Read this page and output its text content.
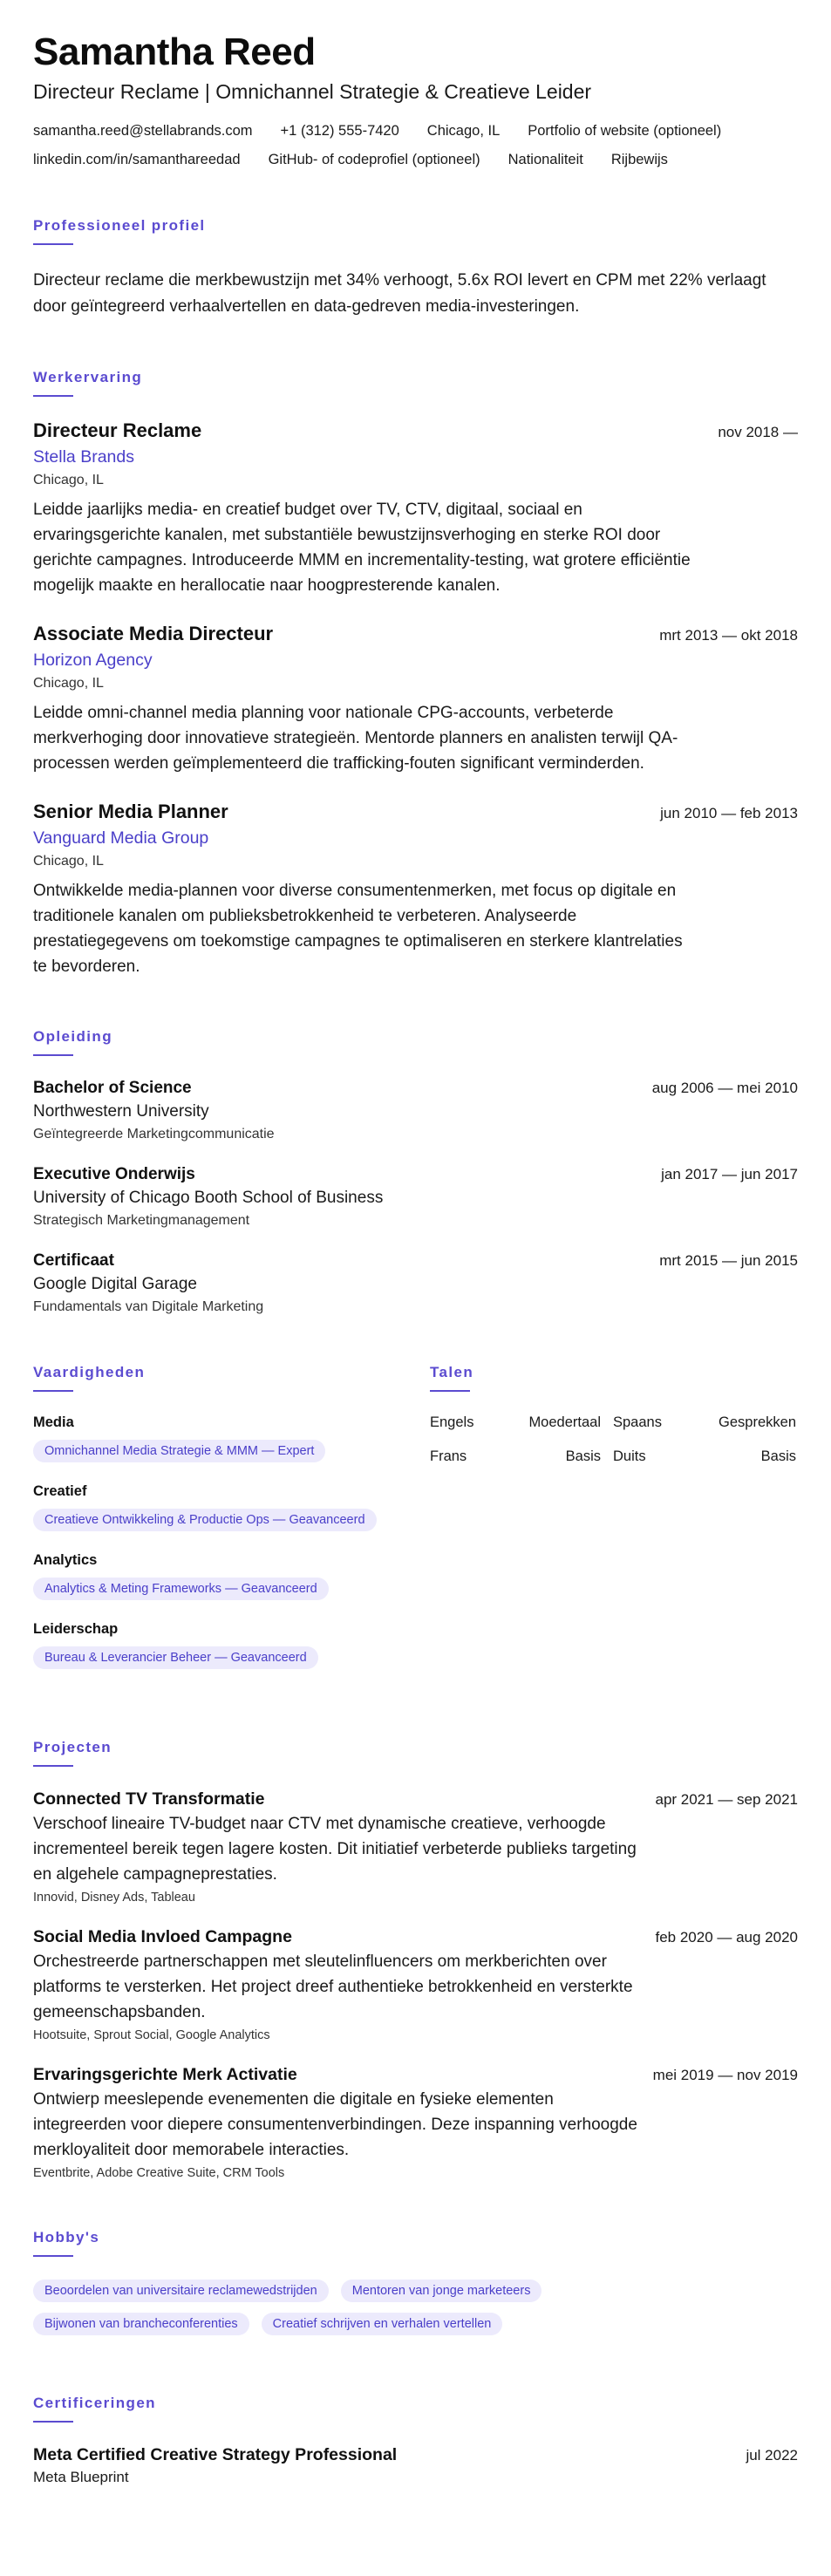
Samantha Reed
Directeur Reclame | Omnichannel Strategie & Creatieve Leider
samantha.reed@stellabrands.com +1 (312) 555-7420 Chicago, IL Portfolio of website (optioneel)
linkedin.com/in/samanthareedad GitHub- of codeprofiel (optioneel) Nationaliteit Rijbewijs
Professioneel profiel

Directeur reclame die merkbewustzijn met 34% verhoogt, 5.6x ROI levert en CPM met 22% verlaagt door geïntegreerd verhaalvertellen en data-gedreven media-investeringen.

Werkervaring
Directeur Reclame	nov 2018 —
Stella Brands
Chicago, IL

Leidde jaarlijks media- en creatief budget over TV, CTV, digitaal, sociaal en ervaringsgerichte kanalen, met substantiële bewustzijnsverhoging en sterke ROI door gerichte campagnes. Introduceerde MMM en incrementality-testing, wat grotere efficiëntie mogelijk maakte en herallocatie naar hoogpresterende kanalen.

Associate Media Directeur	mrt 2013 — okt 2018
Horizon Agency
Chicago, IL

Leidde omni-channel media planning voor nationale CPG-accounts, verbeterde merkverhoging door innovatieve strategieën. Mentorde planners en analisten terwijl QA-processen werden geïmplementeerd die trafficking-fouten significant verminderden.

Senior Media Planner	jun 2010 — feb 2013
Vanguard Media Group
Chicago, IL

Ontwikkelde media-plannen voor diverse consumentenmerken, met focus op digitale en traditionele kanalen om publieksbetrokkenheid te verbeteren. Analyseerde prestatiegegevens om toekomstige campagnes te optimaliseren en sterkere klantrelaties te bevorderen.

Opleiding
Bachelor of Science	aug 2006 — mei 2010
Northwestern University
Geïntegreerde Marketingcommunicatie
Executive Onderwijs	jan 2017 — jun 2017
University of Chicago Booth School of Business
Strategisch Marketingmanagement
Certificaat	mrt 2015 — jun 2015
Google Digital Garage
Fundamentals van Digitale Marketing
Vaardigheden
Media
Omnichannel Media Strategie & MMM — Expert
Creatief
Creatieve Ontwikkeling & Productie Ops — Geavanceerd
Analytics
Analytics & Meting Frameworks — Geavanceerd
Leiderschap
Bureau & Leverancier Beheer — Geavanceerd
Talen
Engels	Moedertaal Spaans	Gesprekken
Frans	Basis Duits	Basis
Projecten
Connected TV Transformatie	apr 2021 — sep 2021

Verschoof lineaire TV-budget naar CTV met dynamische creatieve, verhoogde incrementeel bereik tegen lagere kosten. Dit initiatief verbeterde publieks targeting en algehele campagneprestaties.

Innovid, Disney Ads, Tableau
Social Media Invloed Campagne	feb 2020 — aug 2020

Orchestreerde partnerschappen met sleutelinfluencers om merkberichten over platforms te versterken. Het project dreef authentieke betrokkenheid en versterkte gemeenschapsbanden.

Hootsuite, Sprout Social, Google Analytics
Ervaringsgerichte Merk Activatie	mei 2019 — nov 2019

Ontwierp meeslepende evenementen die digitale en fysieke elementen integreerden voor diepere consumentenverbindingen. Deze inspanning verhoogde merkloyaliteit door memorabele interacties.

Eventbrite, Adobe Creative Suite, CRM Tools
Hobby's
Beoordelen van universitaire reclamewedstrijden	Mentoren van jonge marketeers
Bijwonen van brancheconferenties	Creatief schrijven en verhalen vertellen
Certificeringen
Meta Certified Creative Strategy Professional	jul 2022
Meta Blueprint
